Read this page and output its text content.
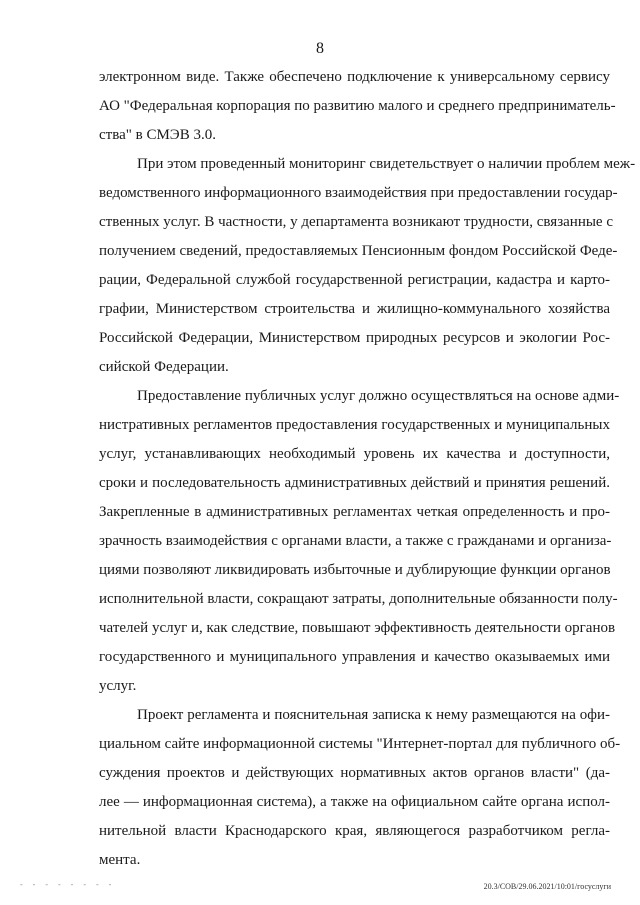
8

электронном виде. Также обеспечено подключение к универсальному сервису

АО "Федеральная корпорация по развитию малого и среднего предприниматель-

ства" в СМЭВ 3.0.

При этом проведенный мониторинг свидетельствует о наличии проблем меж-

ведомственного информационного взаимодействия при предоставлении государ-

ственных услуг. В частности, у департамента возникают трудности, связанные с

получением сведений, предоставляемых Пенсионным фондом Российской Феде-

рации, Федеральной службой государственной регистрации, кадастра и карто-

графии, Министерством строительства и жилищно-коммунального хозяйства

Российской Федерации, Министерством природных ресурсов и экологии Рос-

сийской Федерации.

Предоставление публичных услуг должно осуществляться на основе адми-

нистративных регламентов предоставления государственных и муниципальных

услуг, устанавливающих необходимый уровень их качества и доступности,

сроки и последовательность административных действий и принятия решений.

Закрепленные в административных регламентах четкая определенность и про-

зрачность взаимодействия с органами власти, а также с гражданами и организа-

циями позволяют ликвидировать избыточные и дублирующие функции органов

исполнительной власти, сокращают затраты, дополнительные обязанности полу-

чателей услуг и, как следствие, повышают эффективность деятельности органов

государственного и муниципального управления и качество оказываемых ими

услуг.

Проект регламента и пояснительная записка к нему размещаются на офи-

циальном сайте информационной системы "Интернет-портал для публичного об-

суждения проектов и действующих нормативных актов органов власти" (да-

лее — информационная система), а также на официальном сайте органа испол-

нительной власти Краснодарского края, являющегося разработчиком регла-

мента.

- - - - - - - -	20.3/СОВ/29.06.2021/10:01/госуслуги
